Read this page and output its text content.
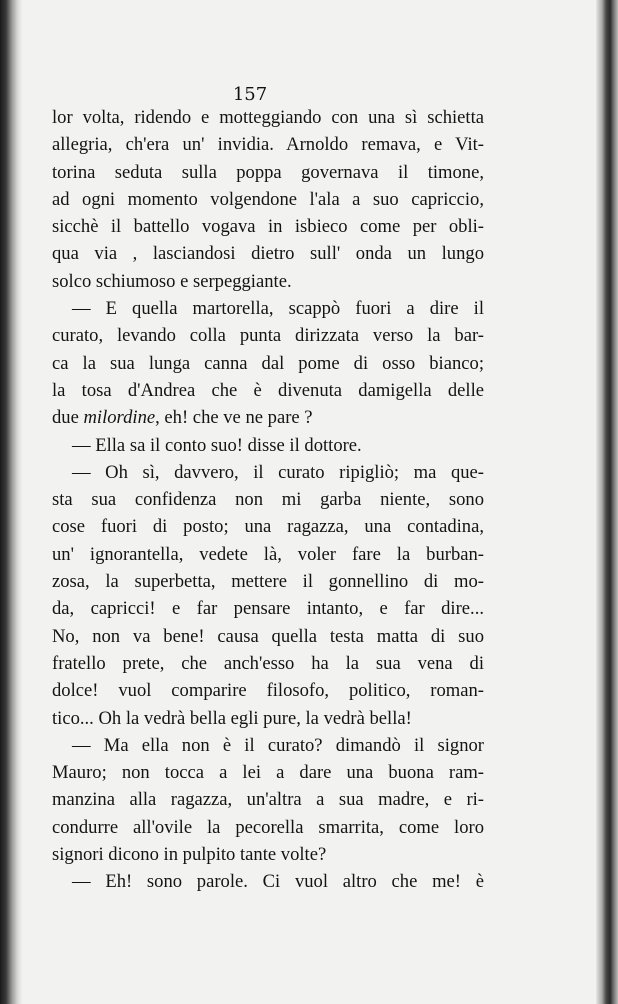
157
lor volta, ridendo e motteggiando con una sì schietta
allegria, ch'era un' invidia. Arnoldo remava, e Vit-
torina seduta sulla poppa governava il timone,
ad ogni momento volgendone l'ala a suo capriccio,
sicchè il battello vogava in isbieco come per obli-
qua via , lasciandosi dietro sull' onda un lungo
solco schiumoso e serpeggiante.
— E quella martorella, scappò fuori a dire il
curato, levando colla punta dirizzata verso la bar-
ca la sua lunga canna dal pome di osso bianco;
la tosa d'Andrea che è divenuta damigella delle
due milordine, eh! che ve ne pare ?
— Ella sa il conto suo! disse il dottore.
— Oh sì, davvero, il curato ripigliò; ma que-
sta sua confidenza non mi garba niente, sono
cose fuori di posto; una ragazza, una contadina,
un' ignorantella, vedete là, voler fare la burban-
zosa, la superbetta, mettere il gonnellino di mo-
da, capricci! e far pensare intanto, e far dire...
No, non va bene! causa quella testa matta di suo
fratello prete, che anch'esso ha la sua vena di
dolce! vuol comparire filosofo, politico, roman-
tico... Oh la vedrà bella egli pure, la vedrà bella!
— Ma ella non è il curato? dimandò il signor
Mauro; non tocca a lei a dare una buona ram-
manzina alla ragazza, un'altra a sua madre, e ri-
condurre all'ovile la pecorella smarrita, come loro
signori dicono in pulpito tante volte?
— Eh! sono parole. Ci vuol altro che me! è
